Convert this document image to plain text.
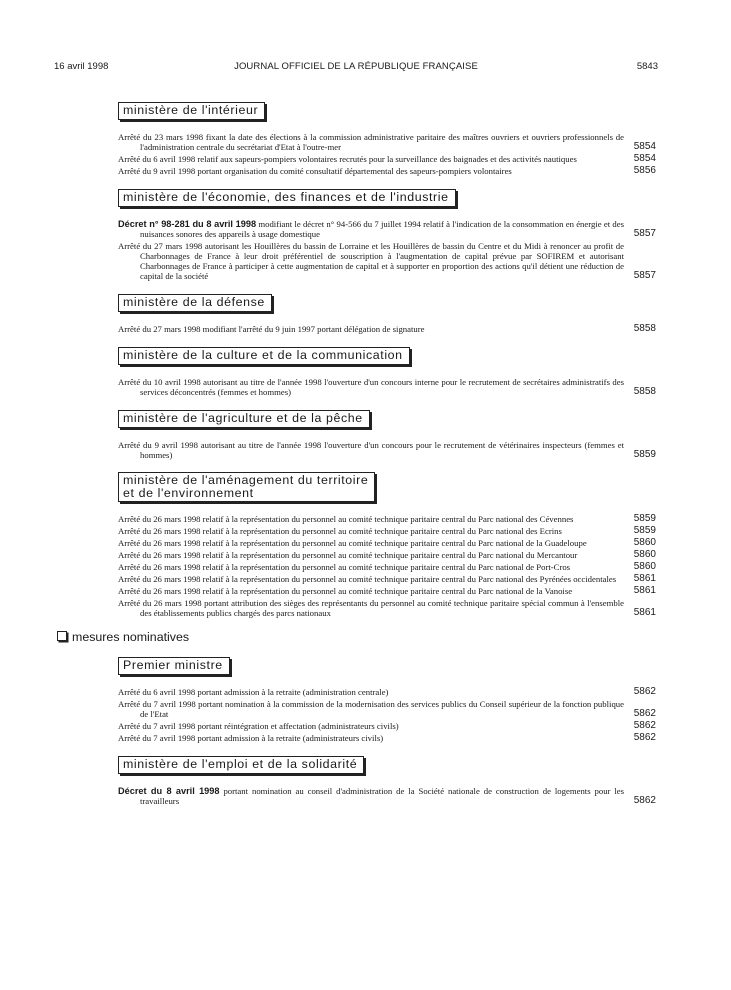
16 avril 1998	JOURNAL OFFICIEL DE LA RÉPUBLIQUE FRANÇAISE	5843
ministère de l'intérieur
Arrêté du 23 mars 1998 fixant la date des élections à la commission administrative paritaire des maîtres ouvriers et ouvriers professionnels de l'administration centrale du secrétariat d'Etat à l'outre-mer	5854
Arrêté du 6 avril 1998 relatif aux sapeurs-pompiers volontaires recrutés pour la surveillance des baignades et des activités nautiques	5854
Arrêté du 9 avril 1998 portant organisation du comité consultatif départemental des sapeurs-pompiers volontaires	5856
ministère de l'économie, des finances et de l'industrie
Décret n° 98-281 du 8 avril 1998 modifiant le décret n° 94-566 du 7 juillet 1994 relatif à l'indication de la consommation en énergie et des nuisances sonores des appareils à usage domestique	5857
Arrêté du 27 mars 1998 autorisant les Houillères du bassin de Lorraine et les Houillères de bassin du Centre et du Midi à renoncer au profit de Charbonnages de France à leur droit préférentiel de souscription à l'augmentation de capital prévue par SOFIREM et autorisant Charbonnages de France à participer à cette augmentation de capital et à supporter en proportion des actions qu'il détient une réduction de capital de la société	5857
ministère de la défense
Arrêté du 27 mars 1998 modifiant l'arrêté du 9 juin 1997 portant délégation de signature	5858
ministère de la culture et de la communication
Arrêté du 10 avril 1998 autorisant au titre de l'année 1998 l'ouverture d'un concours interne pour le recrutement de secrétaires administratifs des services déconcentrés (femmes et hommes)	5858
ministère de l'agriculture et de la pêche
Arrêté du 9 avril 1998 autorisant au titre de l'année 1998 l'ouverture d'un concours pour le recrutement de vétérinaires inspecteurs (femmes et hommes)	5859
ministère de l'aménagement du territoire
et de l'environnement
Arrêté du 26 mars 1998 relatif à la représentation du personnel au comité technique paritaire central du Parc national des Cévennes	5859
Arrêté du 26 mars 1998 relatif à la représentation du personnel au comité technique paritaire central du Parc national des Ecrins	5859
Arrêté du 26 mars 1998 relatif à la représentation du personnel au comité technique paritaire central du Parc national de la Guadeloupe	5860
Arrêté du 26 mars 1998 relatif à la représentation du personnel au comité technique paritaire central du Parc national du Mercantour	5860
Arrêté du 26 mars 1998 relatif à la représentation du personnel au comité technique paritaire central du Parc national de Port-Cros	5860
Arrêté du 26 mars 1998 relatif à la représentation du personnel au comité technique paritaire central du Parc national des Pyrénées occidentales	5861
Arrêté du 26 mars 1998 relatif à la représentation du personnel au comité technique paritaire central du Parc national de la Vanoise	5861
Arrêté du 26 mars 1998 portant attribution des sièges des représentants du personnel au comité technique paritaire spécial commun à l'ensemble des établissements publics chargés des parcs nationaux	5861
mesures nominatives
Premier ministre
Arrêté du 6 avril 1998 portant admission à la retraite (administration centrale)	5862
Arrêté du 7 avril 1998 portant nomination à la commission de la modernisation des services publics du Conseil supérieur de la fonction publique de l'Etat	5862
Arrêté du 7 avril 1998 portant réintégration et affectation (administrateurs civils)	5862
Arrêté du 7 avril 1998 portant admission à la retraite (administrateurs civils)	5862
ministère de l'emploi et de la solidarité
Décret du 8 avril 1998 portant nomination au conseil d'administration de la Société nationale de construction de logements pour les travailleurs	5862
